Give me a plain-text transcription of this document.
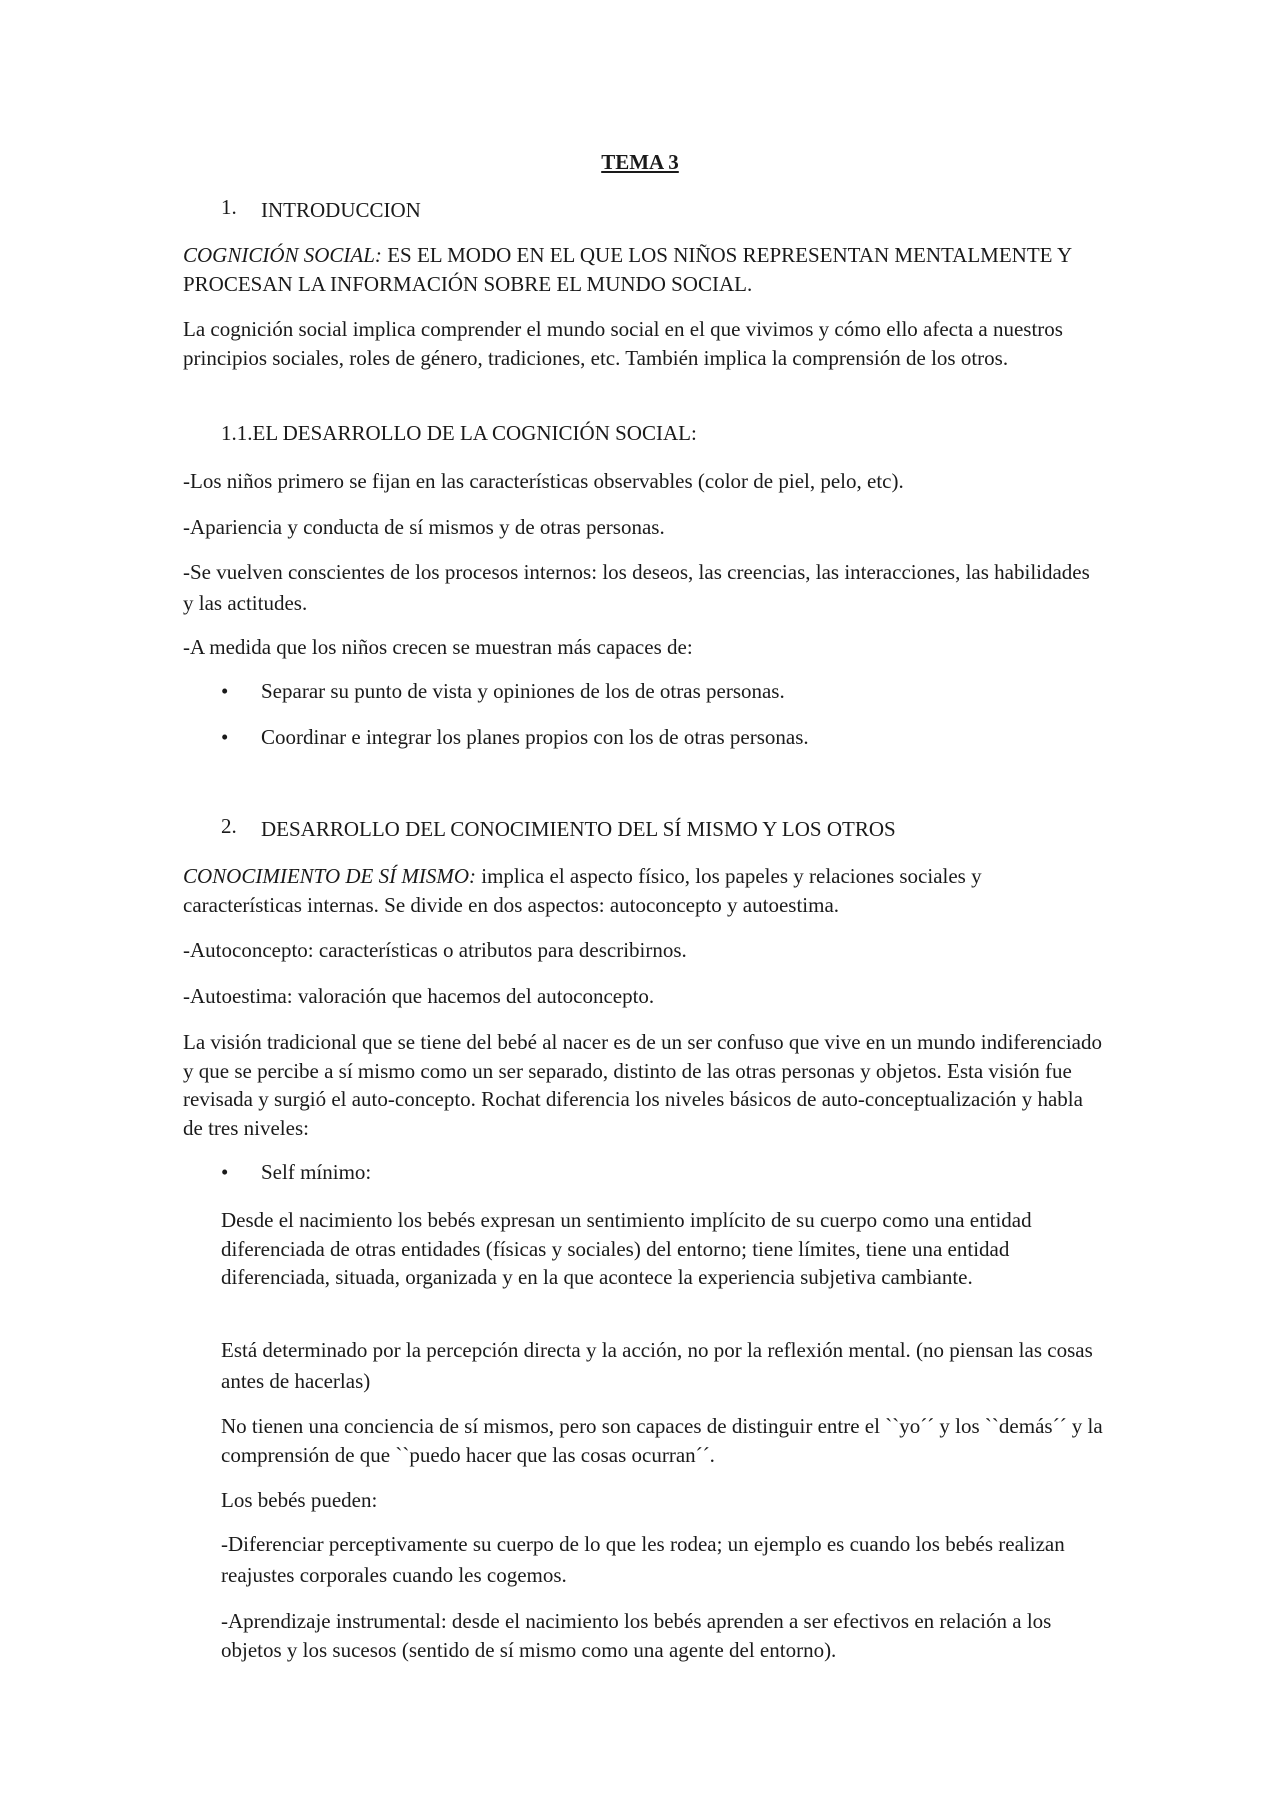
TEMA 3
1. INTRODUCCION

COGNICIÓN SOCIAL: ES EL MODO EN EL QUE LOS NIÑOS REPRESENTAN MENTALMENTE Y PROCESAN LA INFORMACIÓN SOBRE EL MUNDO SOCIAL.

La cognición social implica comprender el mundo social en el que vivimos y cómo ello afecta a nuestros principios sociales, roles de género, tradiciones, etc. También implica la comprensión de los otros.

1.1.EL DESARROLLO DE LA COGNICIÓN SOCIAL:

-Los niños primero se fijan en las características observables (color de piel, pelo, etc).

-Apariencia y conducta de sí mismos y de otras personas.

-Se vuelven conscientes de los procesos internos: los deseos, las creencias, las interacciones, las habilidades y las actitudes.

-A medida que los niños crecen se muestran más capaces de:

• Separar su punto de vista y opiniones de los de otras personas.
• Coordinar e integrar los planes propios con los de otras personas.
2. DESARROLLO DEL CONOCIMIENTO DEL SÍ MISMO Y LOS OTROS

CONOCIMIENTO DE SÍ MISMO: implica el aspecto físico, los papeles y relaciones sociales y características internas. Se divide en dos aspectos: autoconcepto y autoestima.

-Autoconcepto: características o atributos para describirnos.

-Autoestima: valoración que hacemos del autoconcepto.

La visión tradicional que se tiene del bebé al nacer es de un ser confuso que vive en un mundo indiferenciado y que se percibe a sí mismo como un ser separado, distinto de las otras personas y objetos. Esta visión fue revisada y surgió el auto-concepto. Rochat diferencia los niveles básicos de auto-conceptualización y habla de tres niveles:

• Self mínimo:

Desde el nacimiento los bebés expresan un sentimiento implícito de su cuerpo como una entidad diferenciada de otras entidades (físicas y sociales) del entorno; tiene límites, tiene una entidad diferenciada, situada, organizada y en la que acontece la experiencia subjetiva cambiante.

Está determinado por la percepción directa y la acción, no por la reflexión mental. (no piensan las cosas antes de hacerlas)

No tienen una conciencia de sí mismos, pero son capaces de distinguir entre el ``yo´´ y los ``demás´´ y la comprensión de que ``puedo hacer que las cosas ocurran´´.

Los bebés pueden:

-Diferenciar perceptivamente su cuerpo de lo que les rodea; un ejemplo es cuando los bebés realizan reajustes corporales cuando les cogemos.

-Aprendizaje instrumental: desde el nacimiento los bebés aprenden a ser efectivos en relación a los objetos y los sucesos (sentido de sí mismo como una agente del entorno).
